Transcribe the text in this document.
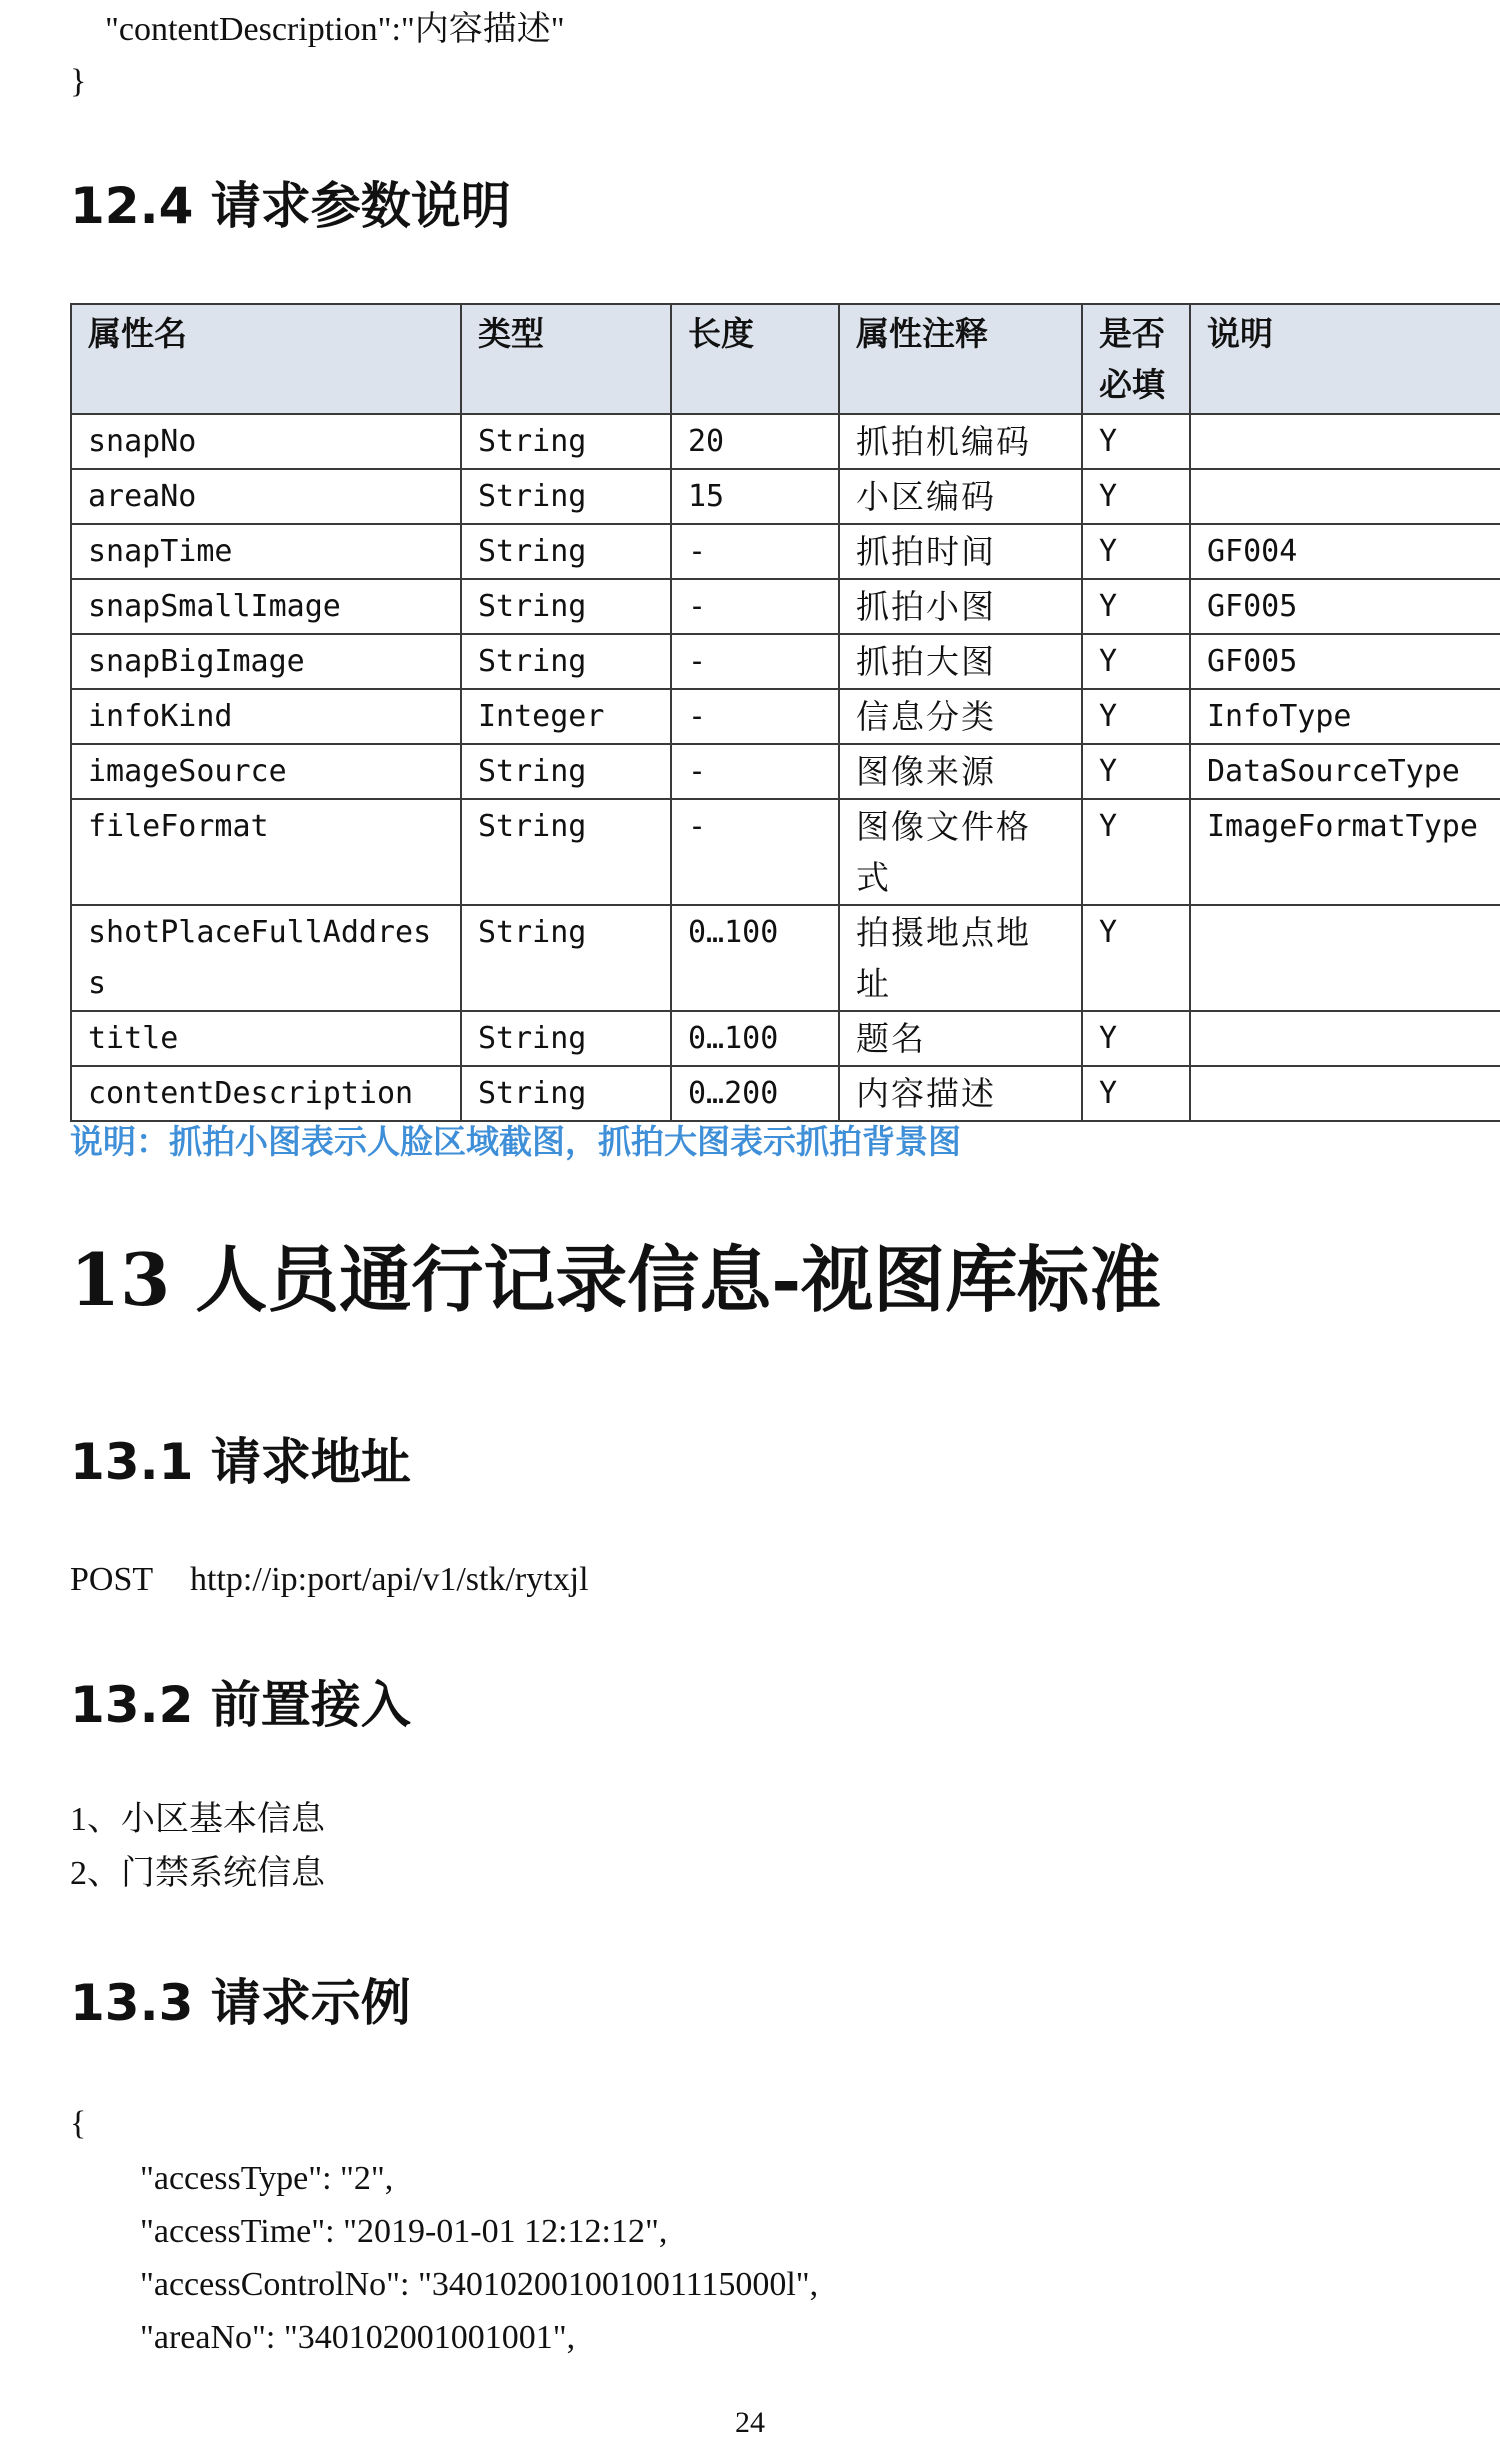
"contentDescription":"内容描述"
}
12.4 请求参数说明
属性名	类型	长度	属性注释	是否必填	说明
snapNo	String	20	抓拍机编码	Y	
areaNo	String	15	小区编码	Y	
snapTime	String	-	抓拍时间	Y	GF004
snapSmallImage	String	-	抓拍小图	Y	GF005
snapBigImage	String	-	抓拍大图	Y	GF005
infoKind	Integer	-	信息分类	Y	InfoType
imageSource	String	-	图像来源	Y	DataSourceType
fileFormat	String	-	图像文件格式	Y	ImageFormatType
shotPlaceFullAddress	String	0…100	拍摄地点地址	Y	
title	String	0…100	题名	Y	
contentDescription	String	0…200	内容描述	Y	
说明：抓拍小图表示人脸区域截图，抓拍大图表示抓拍背景图
13 人员通行记录信息-视图库标准
13.1 请求地址
POST http://ip:port/api/v1/stk/rytxjl
13.2 前置接入
1、小区基本信息
2、门禁系统信息
13.3 请求示例
{
"accessType": "2",
"accessTime": "2019-01-01 12:12:12",
"accessControlNo": "340102001001001115000l",
"areaNo": "340102001001001",
24
